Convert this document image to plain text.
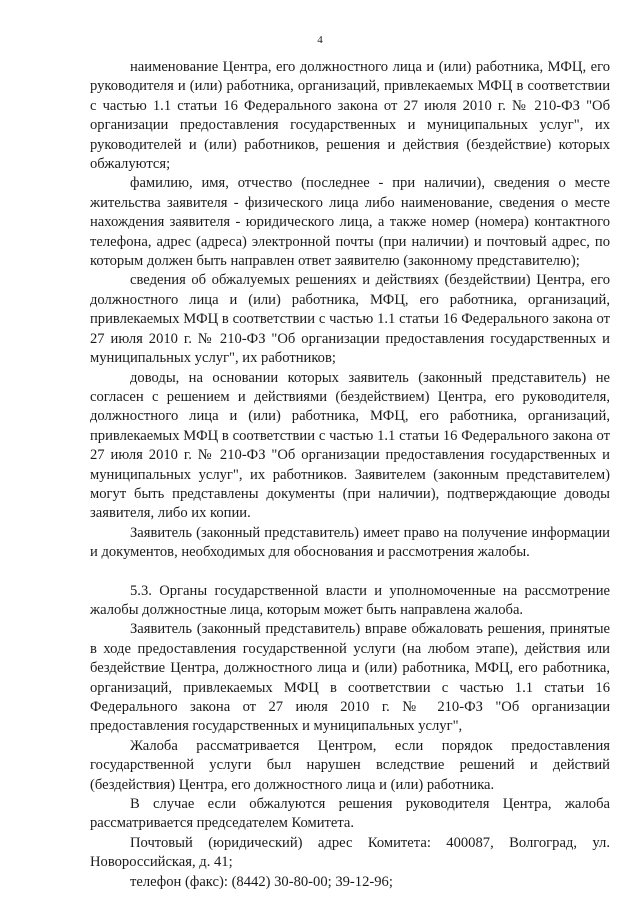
4

наименование Центра, его должностного лица и (или) работника, МФЦ, его руководителя и (или) работника, организаций, привлекаемых МФЦ в соответствии с частью 1.1 статьи 16 Федерального закона от 27 июля 2010 г. № 210-ФЗ "Об организации предоставления государственных и муниципальных услуг", их руководителей и (или) работников, решения и действия (бездействие) которых обжалуются;

фамилию, имя, отчество (последнее - при наличии), сведения о месте жительства заявителя - физического лица либо наименование, сведения о месте нахождения заявителя - юридического лица, а также номер (номера) контактного телефона, адрес (адреса) электронной почты (при наличии) и почтовый адрес, по которым должен быть направлен ответ заявителю (законному представителю);

сведения об обжалуемых решениях и действиях (бездействии) Центра, его должностного лица и (или) работника, МФЦ, его работника, организаций, привлекаемых МФЦ в соответствии с частью 1.1 статьи 16 Федерального закона от 27 июля 2010 г. № 210-ФЗ "Об организации предоставления государственных и муниципальных услуг", их работников;

доводы, на основании которых заявитель (законный представитель) не согласен с решением и действиями (бездействием) Центра, его руководителя, должностного лица и (или) работника, МФЦ, его работника, организаций, привлекаемых МФЦ в соответствии с частью 1.1 статьи 16 Федерального закона от 27 июля 2010 г. № 210-ФЗ "Об организации предоставления государственных и муниципальных услуг", их работников. Заявителем (законным представителем) могут быть представлены документы (при наличии), подтверждающие доводы заявителя, либо их копии.

Заявитель (законный представитель) имеет право на получение информации и документов, необходимых для обоснования и рассмотрения жалобы.

5.3. Органы государственной власти и уполномоченные на рассмотрение жалобы должностные лица, которым может быть направлена жалоба.

Заявитель (законный представитель) вправе обжаловать решения, принятые в ходе предоставления государственной услуги (на любом этапе), действия или бездействие Центра, должностного лица и (или) работника, МФЦ, его работника, организаций, привлекаемых МФЦ в соответствии с частью 1.1 статьи 16 Федерального закона от 27 июля 2010 г. № 210-ФЗ "Об организации предоставления государственных и муниципальных услуг",

Жалоба рассматривается Центром, если порядок предоставления государственной услуги был нарушен вследствие решений и действий (бездействия) Центра, его должностного лица и (или) работника.

В случае если обжалуются решения руководителя Центра, жалоба рассматривается председателем Комитета.

Почтовый (юридический) адрес Комитета: 400087, Волгоград, ул. Новороссийская, д. 41;

телефон (факс): (8442) 30-80-00; 39-12-96;
